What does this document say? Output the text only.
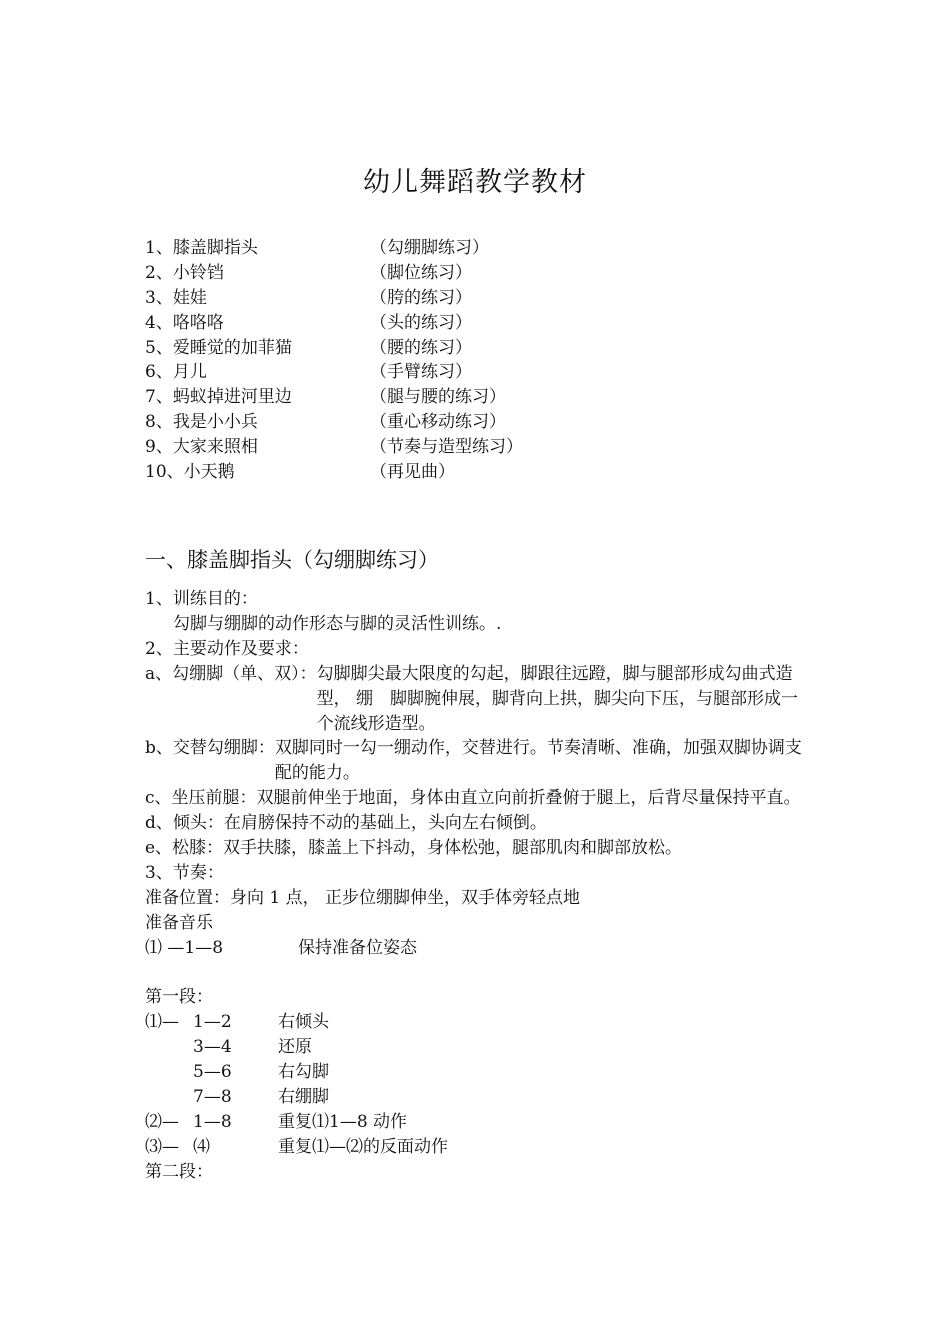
幼儿舞蹈教学教材
1、膝盖脚指头	（勾绷脚练习）
2、小铃铛	（脚位练习）
3、娃娃	（胯的练习）
4、咯咯咯	（头的练习）
5、爱睡觉的加菲猫	（腰的练习）
6、月儿	（手臂练习）
7、蚂蚁掉进河里边	（腿与腰的练习）
8、我是小小兵	（重心移动练习）
9、大家来照相	（节奏与造型练习）
10、小天鹅	（再见曲）
一、膝盖脚指头（勾绷脚练习）
1、训练目的：
勾脚与绷脚的动作形态与脚的灵活性训练。.
2、主要动作及要求：
a、勾绷脚（单、双）： 勾脚脚尖最大限度的勾起，脚跟往远蹬，脚与腿部形成勾曲式造型， 绷　脚脚腕伸展，脚背向上拱，脚尖向下压，与腿部形成一个流线形造型。
b、交替勾绷脚： 双脚同时一勾一绷动作，交替进行。节奏清晰、准确，加强双脚协调支配的能力。
c、坐压前腿：双腿前伸坐于地面，身体由直立向前折叠俯于腿上，后背尽量保持平直。
d、倾头：在肩膀保持不动的基础上，头向左右倾倒。
e、松膝：双手扶膝，膝盖上下抖动，身体松弛，腿部肌肉和脚部放松。
3、节奏：
准备位置：身向 1 点， 正步位绷脚伸坐，双手体旁轻点地
准备音乐
⑴ —1—8	保持准备位姿态
第一段：
⑴— 1—2	右倾头
3—4	还原
5—6	右勾脚
7—8	右绷脚
⑵— 1—8	重复⑴1—8 动作
⑶— ⑷	重复⑴—⑵的反面动作
第二段：
